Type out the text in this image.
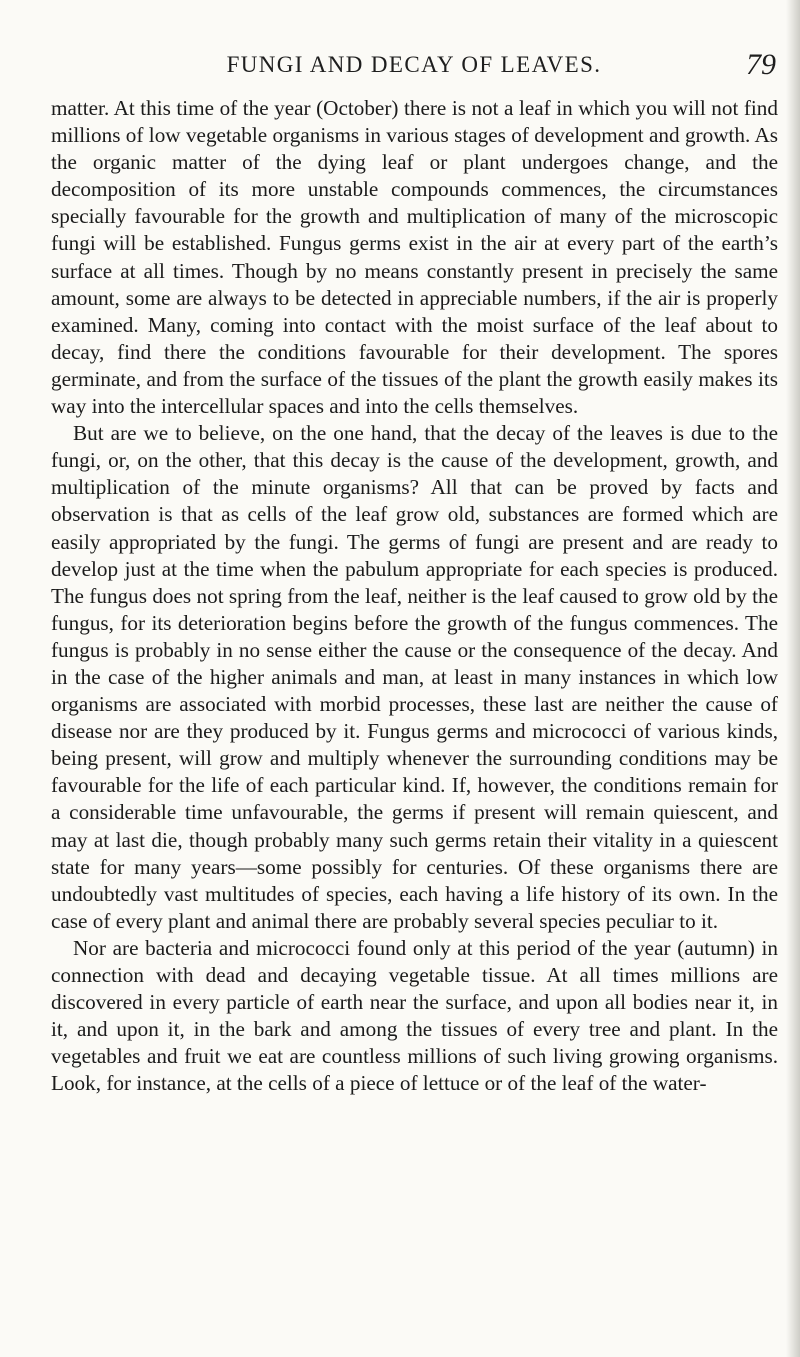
FUNGI AND DECAY OF LEAVES.	79

matter. At this time of the year (October) there is not a leaf in which you will not find millions of low vegetable organisms in various stages of development and growth. As the organic matter of the dying leaf or plant undergoes change, and the decomposition of its more unstable compounds commences, the circumstances specially favourable for the growth and multiplication of many of the microscopic fungi will be established. Fungus germs exist in the air at every part of the earth’s surface at all times. Though by no means constantly present in precisely the same amount, some are always to be detected in appreciable numbers, if the air is properly examined. Many, coming into contact with the moist surface of the leaf about to decay, find there the conditions favourable for their development. The spores germinate, and from the surface of the tissues of the plant the growth easily makes its way into the intercellular spaces and into the cells themselves.

But are we to believe, on the one hand, that the decay of the leaves is due to the fungi, or, on the other, that this decay is the cause of the development, growth, and multiplication of the minute organisms? All that can be proved by facts and observation is that as cells of the leaf grow old, substances are formed which are easily appropriated by the fungi. The germs of fungi are present and are ready to develop just at the time when the pabulum appropriate for each species is produced. The fungus does not spring from the leaf, neither is the leaf caused to grow old by the fungus, for its deterioration begins before the growth of the fungus commences. The fungus is probably in no sense either the cause or the consequence of the decay. And in the case of the higher animals and man, at least in many instances in which low organisms are associated with morbid processes, these last are neither the cause of disease nor are they produced by it. Fungus germs and micrococci of various kinds, being present, will grow and multiply whenever the surrounding conditions may be favourable for the life of each particular kind. If, however, the conditions remain for a considerable time unfavourable, the germs if present will remain quiescent, and may at last die, though probably many such germs retain their vitality in a quiescent state for many years—some possibly for centuries. Of these organisms there are undoubtedly vast multitudes of species, each having a life history of its own. In the case of every plant and animal there are probably several species peculiar to it.

Nor are bacteria and micrococci found only at this period of the year (autumn) in connection with dead and decaying vegetable tissue. At all times millions are discovered in every particle of earth near the surface, and upon all bodies near it, in it, and upon it, in the bark and among the tissues of every tree and plant. In the vegetables and fruit we eat are countless millions of such living growing organisms. Look, for instance, at the cells of a piece of lettuce or of the leaf of the water-
